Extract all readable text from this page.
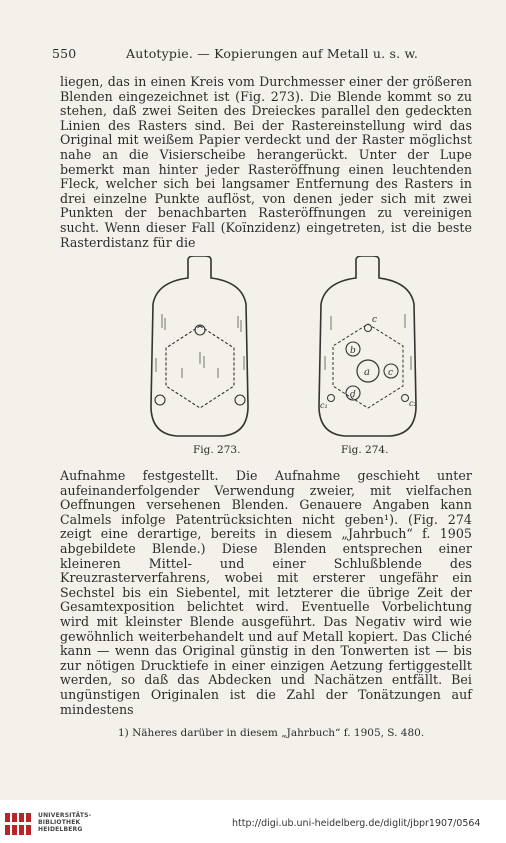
550	Autotypie. — Kopierungen auf Metall u. s. w.

liegen, das in einen Kreis vom Durchmesser einer der größeren Blenden eingezeichnet ist (Fig. 273). Die Blende kommt so zu stehen, daß zwei Seiten des Dreieckes parallel den gedeckten Linien des Rasters sind. Bei der Rastereinstellung wird das Original mit weißem Papier verdeckt und der Raster möglichst nahe an die Visierscheibe herangerückt. Unter der Lupe bemerkt man hinter jeder Rasteröffnung einen leuchtenden Fleck, welcher sich bei langsamer Entfernung des Rasters in drei einzelne Punkte auflöst, von denen jeder sich mit zwei Punkten der benachbarten Rasteröffnungen zu vereinigen sucht. Wenn dieser Fall (Koïnzidenz) eingetreten, ist die beste Rasterdistanz für die

a
b
c
d
c
c₁	c₂
Fig. 273.	Fig. 274.

Aufnahme festgestellt. Die Aufnahme geschieht unter aufeinanderfolgender Verwendung zweier, mit vielfachen Oeffnungen versehenen Blenden. Genauere Angaben kann Calmels infolge Patentrücksichten nicht geben¹). (Fig. 274 zeigt eine derartige, bereits in diesem „Jahrbuch“ f. 1905 abgebildete Blende.) Diese Blenden entsprechen einer kleineren Mittel- und einer Schlußblende des Kreuzrasterverfahrens, wobei mit ersterer ungefähr ein Sechstel bis ein Siebentel, mit letzterer die übrige Zeit der Gesamtexposition belichtet wird. Eventuelle Vorbelichtung wird mit kleinster Blende ausgeführt. Das Negativ wird wie gewöhnlich weiterbehandelt und auf Metall kopiert. Das Cliché kann — wenn das Original günstig in den Tonwerten ist — bis zur nötigen Drucktiefe in einer einzigen Aetzung fertiggestellt werden, so daß das Abdecken und Nachätzen entfällt. Bei ungünstigen Originalen ist die Zahl der Tonätzungen auf mindestens

1) Näheres darüber in diesem „Jahrbuch“ f. 1905, S. 480.
UNIVERSITÄTS-
BIBLIOTHEK
HEIDELBERG
http://digi.ub.uni-heidelberg.de/diglit/jbpr1907/0564
